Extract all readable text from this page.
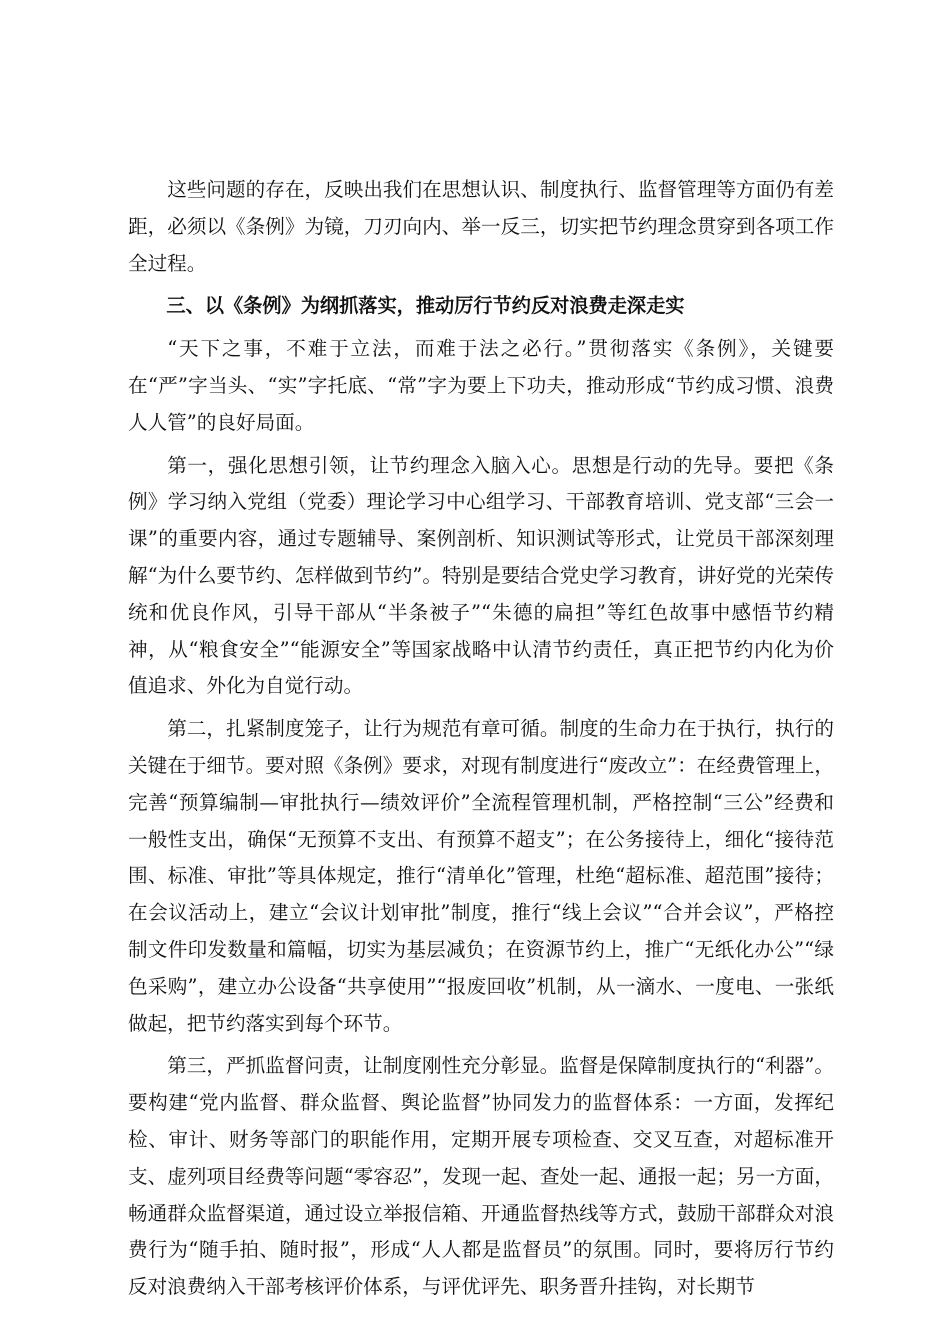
这些问题的存在，反映出我们在思想认识、制度执行、监督管理等方面仍有差距，必须以《条例》为镜，刀刃向内、举一反三，切实把节约理念贯穿到各项工作全过程。

三、以《条例》为纲抓落实，推动厉行节约反对浪费走深走实

“天下之事，不难于立法，而难于法之必行。”贯彻落实《条例》，关键要在“严”字当头、“实”字托底、“常”字为要上下功夫，推动形成“节约成习惯、浪费人人管”的良好局面。

第一，强化思想引领，让节约理念入脑入心。思想是行动的先导。要把《条例》学习纳入党组（党委）理论学习中心组学习、干部教育培训、党支部“三会一课”的重要内容，通过专题辅导、案例剖析、知识测试等形式，让党员干部深刻理解“为什么要节约、怎样做到节约”。特别是要结合党史学习教育，讲好党的光荣传统和优良作风，引导干部从“半条被子”“朱德的扁担”等红色故事中感悟节约精神，从“粮食安全”“能源安全”等国家战略中认清节约责任，真正把节约内化为价值追求、外化为自觉行动。

第二，扎紧制度笼子，让行为规范有章可循。制度的生命力在于执行，执行的关键在于细节。要对照《条例》要求，对现有制度进行“废改立”：在经费管理上，完善“预算编制—审批执行—绩效评价”全流程管理机制，严格控制“三公”经费和一般性支出，确保“无预算不支出、有预算不超支”；在公务接待上，细化“接待范围、标准、审批”等具体规定，推行“清单化”管理，杜绝“超标准、超范围”接待；在会议活动上，建立“会议计划审批”制度，推行“线上会议”“合并会议”，严格控制文件印发数量和篇幅，切实为基层减负；在资源节约上，推广“无纸化办公”“绿色采购”，建立办公设备“共享使用”“报废回收”机制，从一滴水、一度电、一张纸做起，把节约落实到每个环节。

第三，严抓监督问责，让制度刚性充分彰显。监督是保障制度执行的“利器”。要构建“党内监督、群众监督、舆论监督”协同发力的监督体系：一方面，发挥纪检、审计、财务等部门的职能作用，定期开展专项检查、交叉互查，对超标准开支、虚列项目经费等问题“零容忍”，发现一起、查处一起、通报一起；另一方面，畅通群众监督渠道，通过设立举报信箱、开通监督热线等方式，鼓励干部群众对浪费行为“随手拍、随时报”，形成“人人都是监督员”的氛围。同时，要将厉行节约反对浪费纳入干部考核评价体系，与评优评先、职务晋升挂钩，对长期节
